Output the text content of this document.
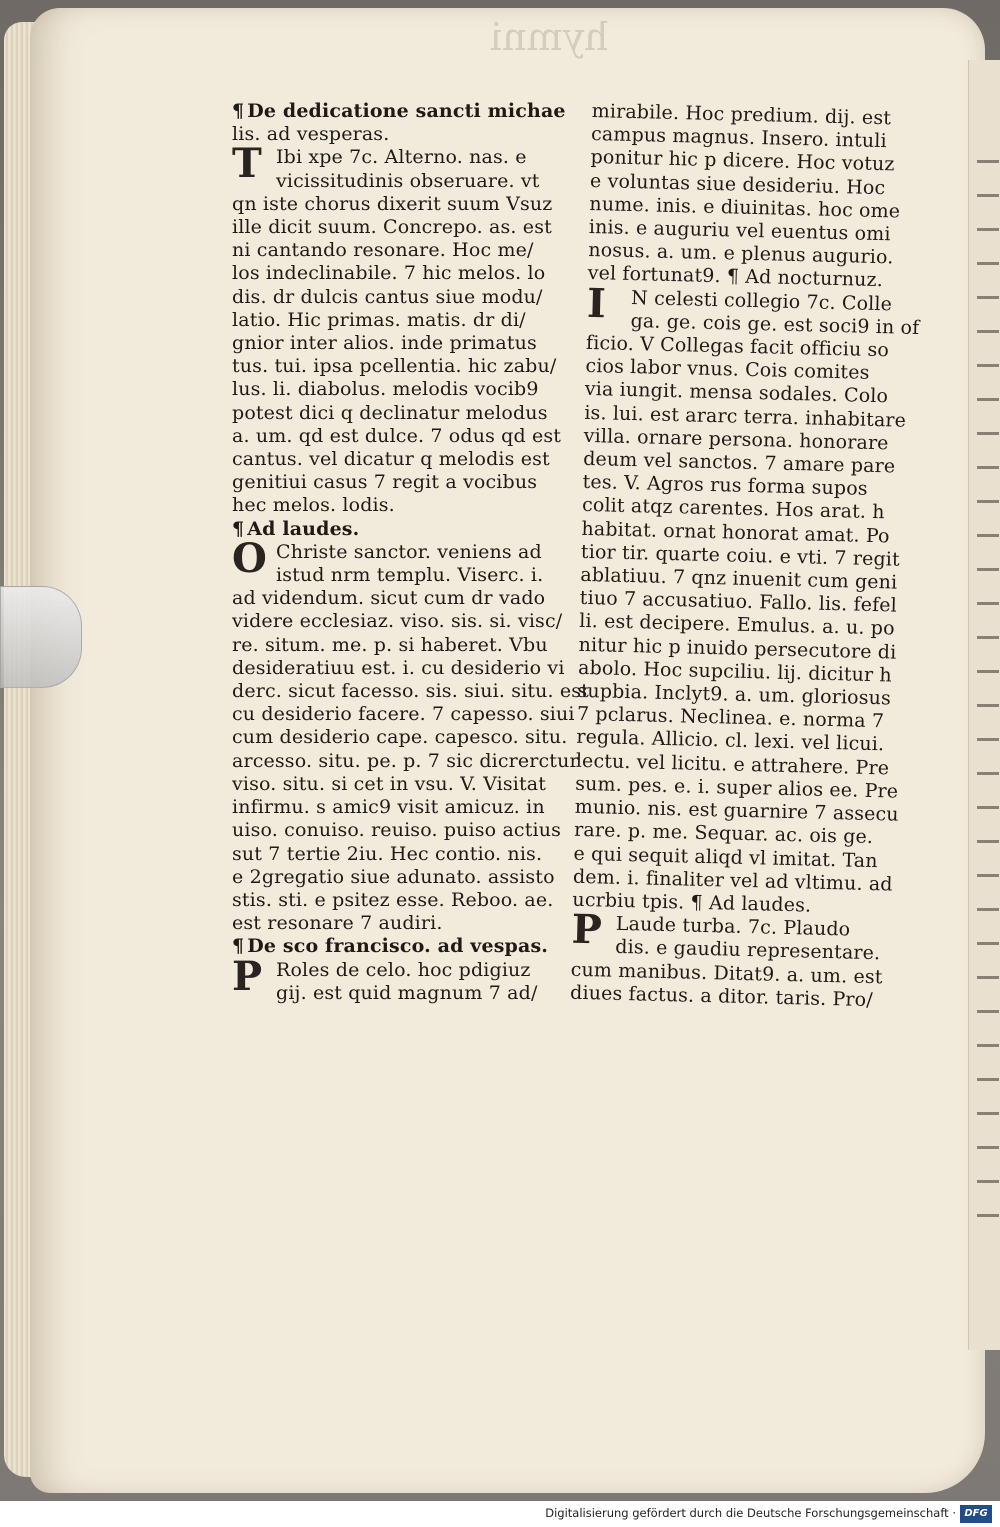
hymni
¶ De dedicatione sancti michae
lis. ad vesperas.
T Ibi xpe 7c. Alterno. nas. e
vicissitudinis obseruare. vt
qn iste chorus dixerit suum Vsuz
ille dicit suum. Concrepo. as. est
ni cantando resonare. Hoc me/
los indeclinabile. 7 hic melos. lo
dis. dr dulcis cantus siue modu/
latio. Hic primas. matis. dr di/
gnior inter alios. inde primatus
tus. tui. ipsa pcellentia. hic zabu/
lus. li. diabolus. melodis vocib9
potest dici q declinatur melodus
a. um. qd est dulce. 7 odus qd est
cantus. vel dicatur q melodis est
genitiui casus 7 regit a vocibus
hec melos. lodis.
¶ Ad laudes.
O Christe sanctor. veniens ad
istud nrm templu. Viserc. i.
ad videndum. sicut cum dr vado
videre ecclesiaz. viso. sis. si. visc/
re. situm. me. p. si haberet. Vbu
desideratiuu est. i. cu desiderio vi
derc. sicut facesso. sis. siui. situ. est
cu desiderio facere. 7 capesso. siui
cum desiderio cape. capesco. situ.
arcesso. situ. pe. p. 7 sic dicrerctur
viso. situ. si cet in vsu. V. Visitat
infirmu. s amic9 visit amicuz. in
uiso. conuiso. reuiso. puiso actius
sut 7 tertie 2iu. Hec contio. nis.
e 2gregatio siue adunato. assisto
stis. sti. e psitez esse. Reboo. ae.
est resonare 7 audiri.
¶ De sco francisco. ad vespas.
P Roles de celo. hoc pdigiuz
gij. est quid magnum 7 ad/
mirabile. Hoc predium. dij. est
campus magnus. Insero. intuli
ponitur hic p dicere. Hoc votuz
e voluntas siue desideriu. Hoc
nume. inis. e diuinitas. hoc ome
inis. e auguriu vel euentus omi
nosus. a. um. e plenus augurio.
vel fortunat9. ¶ Ad nocturnuz.
I	N celesti collegio 7c. Colle
ga. ge. cois ge. est soci9 in of
ficio. V Collegas facit officiu so
cios labor vnus. Cois comites
via iungit. mensa sodales. Colo
is. lui. est ararc terra. inhabitare
villa. ornare persona. honorare
deum vel sanctos. 7 amare pare
tes. V. Agros rus forma supos
colit atqz carentes. Hos arat. h
habitat. ornat honorat amat. Po
tior tir. quarte coiu. e vti. 7 regit
ablatiuu. 7 qnz inuenit cum geni
tiuo 7 accusatiuo. Fallo. lis. fefel
li. est decipere. Emulus. a. u. po
nitur hic p inuido persecutore di
abolo. Hoc supciliu. lij. dicitur h
supbia. Inclyt9. a. um. gloriosus
7 pclarus. Neclinea. e. norma 7
regula. Allicio. cl. lexi. vel licui.
lectu. vel licitu. e attrahere. Pre
sum. pes. e. i. super alios ee. Pre
munio. nis. est guarnire 7 assecu
rare. p. me. Sequar. ac. ois ge.
e qui sequit aliqd vl imitat. Tan
dem. i. finaliter vel ad vltimu. ad
ucrbiu tpis. ¶ Ad laudes.
P Laude turba. 7c. Plaudo
dis. e gaudiu representare.
cum manibus. Ditat9. a. um. est
diues factus. a ditor. taris. Pro/
Digitalisierung gefördert durch die Deutsche Forschungsgemeinschaft · DFG
